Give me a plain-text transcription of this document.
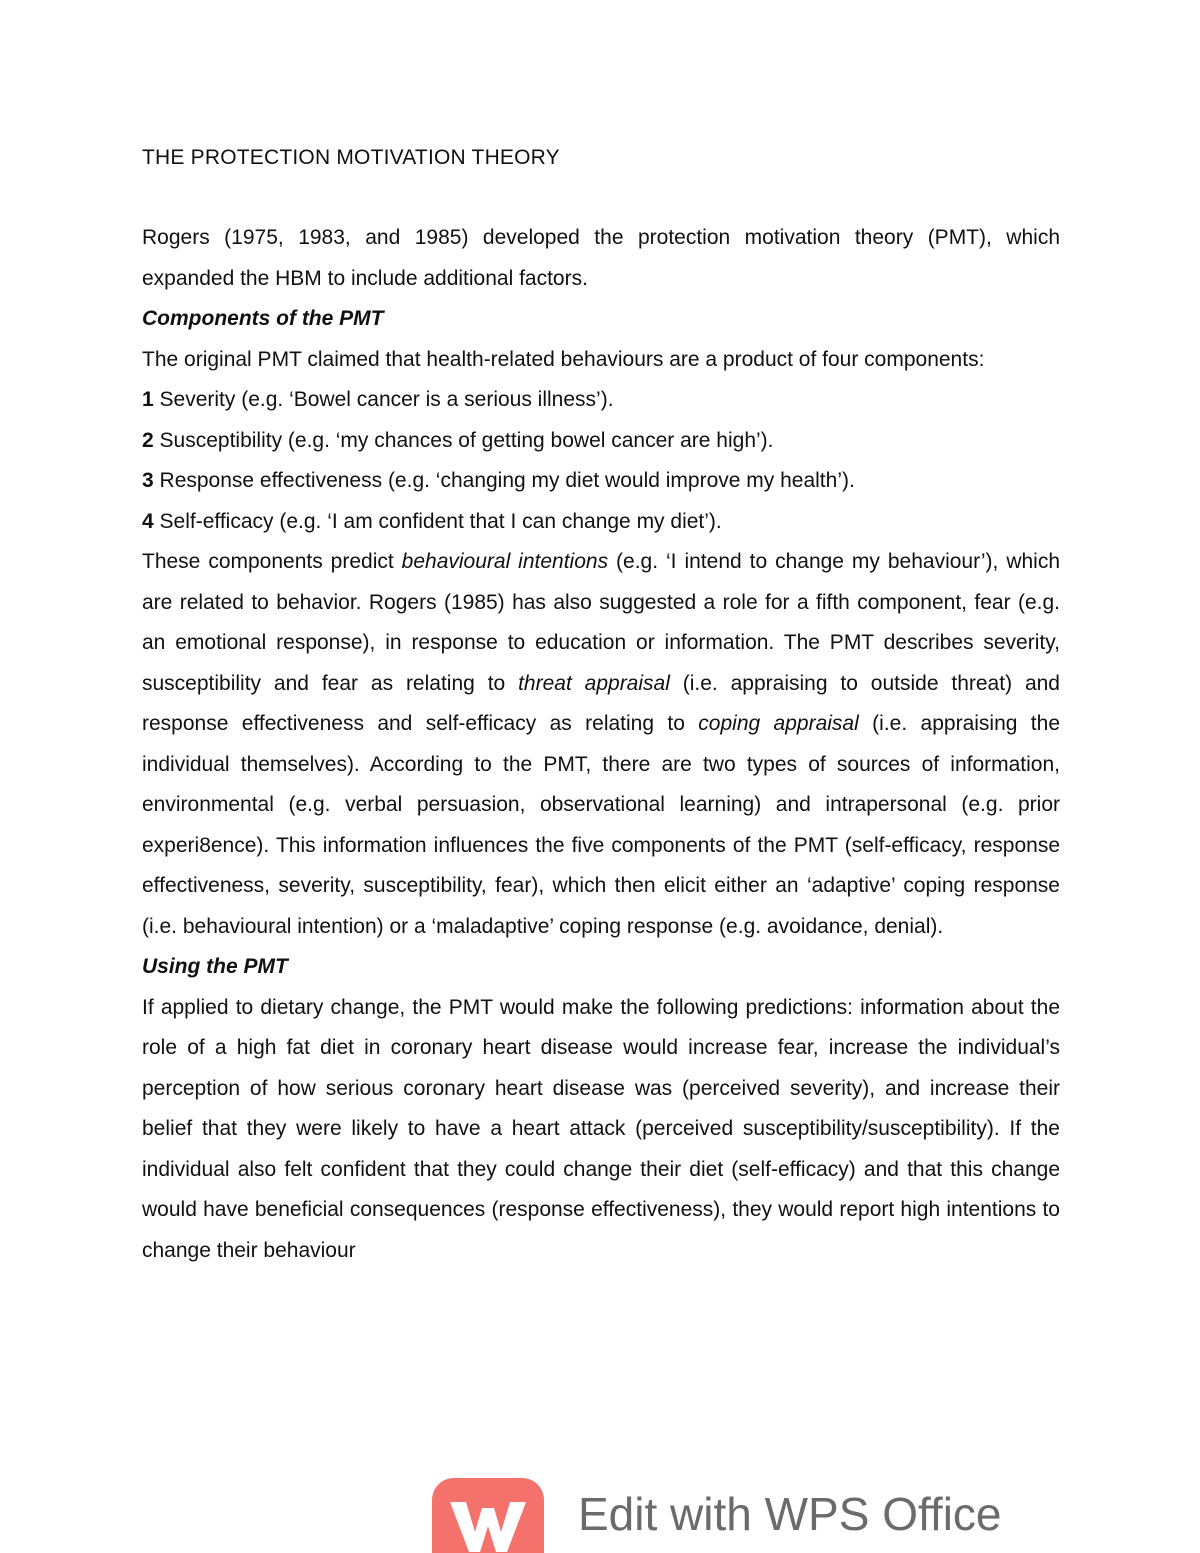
THE PROTECTION MOTIVATION THEORY

Rogers (1975, 1983, and 1985) developed the protection motivation theory (PMT), which expanded the HBM to include additional factors.

Components of the PMT

The original PMT claimed that health-related behaviours are a product of four components:

1 Severity (e.g. ‘Bowel cancer is a serious illness’).
2 Susceptibility (e.g. ‘my chances of getting bowel cancer are high’).
3 Response effectiveness (e.g. ‘changing my diet would improve my health’).
4 Self-efficacy (e.g. ‘I am confident that I can change my diet’).

These components predict behavioural intentions (e.g. ‘I intend to change my behaviour’), which are related to behavior. Rogers (1985) has also suggested a role for a fifth component, fear (e.g. an emotional response), in response to education or information. The PMT describes severity, susceptibility and fear as relating to threat appraisal (i.e. appraising to outside threat) and response effectiveness and self-efficacy as relating to coping appraisal (i.e. appraising the individual themselves). According to the PMT, there are two types of sources of information, environmental (e.g. verbal persuasion, observational learning) and intrapersonal (e.g. prior experi8ence). This information influences the five components of the PMT (self-efficacy, response effectiveness, severity, susceptibility, fear), which then elicit either an ‘adaptive’ coping response (i.e. behavioural intention) or a ‘maladaptive’ coping response (e.g. avoidance, denial).

Using the PMT

If applied to dietary change, the PMT would make the following predictions: information about the role of a high fat diet in coronary heart disease would increase fear, increase the individual’s perception of how serious coronary heart disease was (perceived severity), and increase their belief that they were likely to have a heart attack (perceived susceptibility/susceptibility). If the individual also felt confident that they could change their diet (self-efficacy) and that this change would have beneficial consequences (response effectiveness), they would report high intentions to change their behaviour

Edit with WPS Office
